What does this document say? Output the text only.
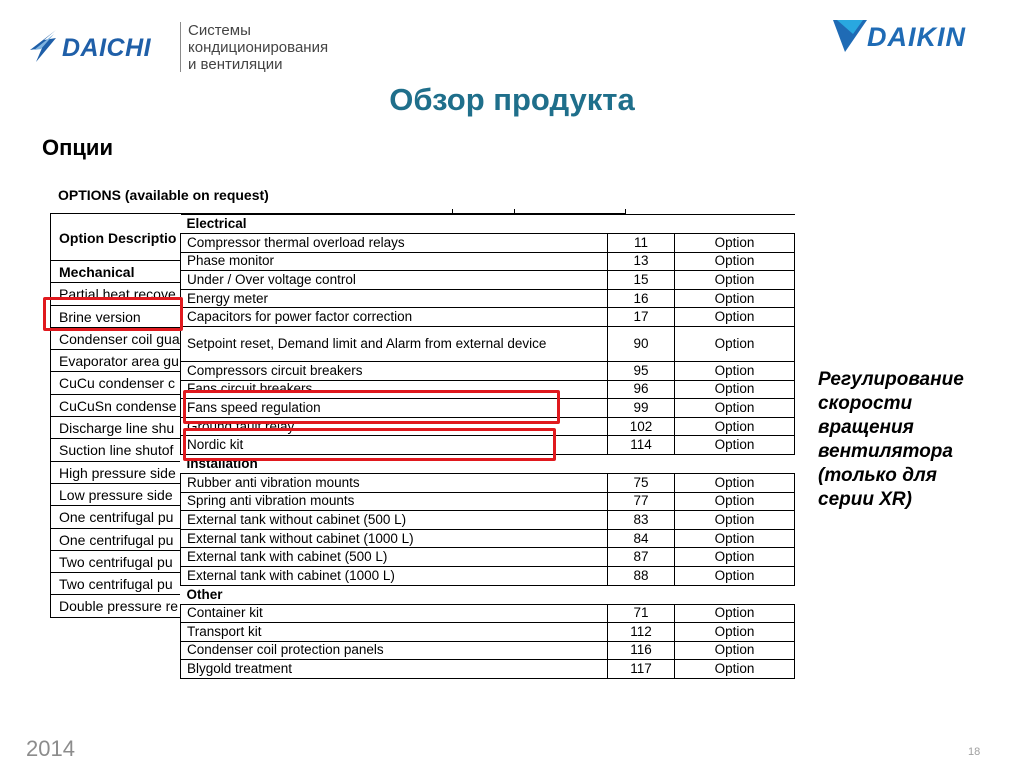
DAICHI
Системы
кондиционирования
и вентиляции
DAIKIN
Обзор продукта
Опции
OPTIONS (available on request)
Option Descriptio
Mechanical
Partial heat recove
Brine version
Condenser coil gua
Evaporator area gu
CuCu condenser c
CuCuSn condense
Discharge line shu
Suction line shutof
High pressure side
Low pressure side
One centrifugal pu
One centrifugal pu
Two centrifugal pu
Two centrifugal pu
Double pressure re
Electrical		
Compressor thermal overload relays	11	Option
Phase monitor	13	Option
Under / Over voltage control	15	Option
Energy meter	16	Option
Capacitors for power factor correction	17	Option
Setpoint reset, Demand limit and Alarm from external device	90	Option
Compressors circuit breakers	95	Option
Fans circuit breakers	96	Option
Fans speed regulation	99	Option
Ground fault relay	102	Option
Nordic kit	114	Option
Installation		
Rubber anti vibration mounts	75	Option
Spring anti vibration mounts	77	Option
External tank without cabinet (500 L)	83	Option
External tank without cabinet (1000 L)	84	Option
External tank with cabinet (500 L)	87	Option
External tank with cabinet (1000 L)	88	Option
Other		
Container kit	71	Option
Transport kit	112	Option
Condenser coil protection panels	116	Option
Blygold treatment	117	Option
Регулирование
скорости
вращения
вентилятора
(только для
серии XR)
2014	18
